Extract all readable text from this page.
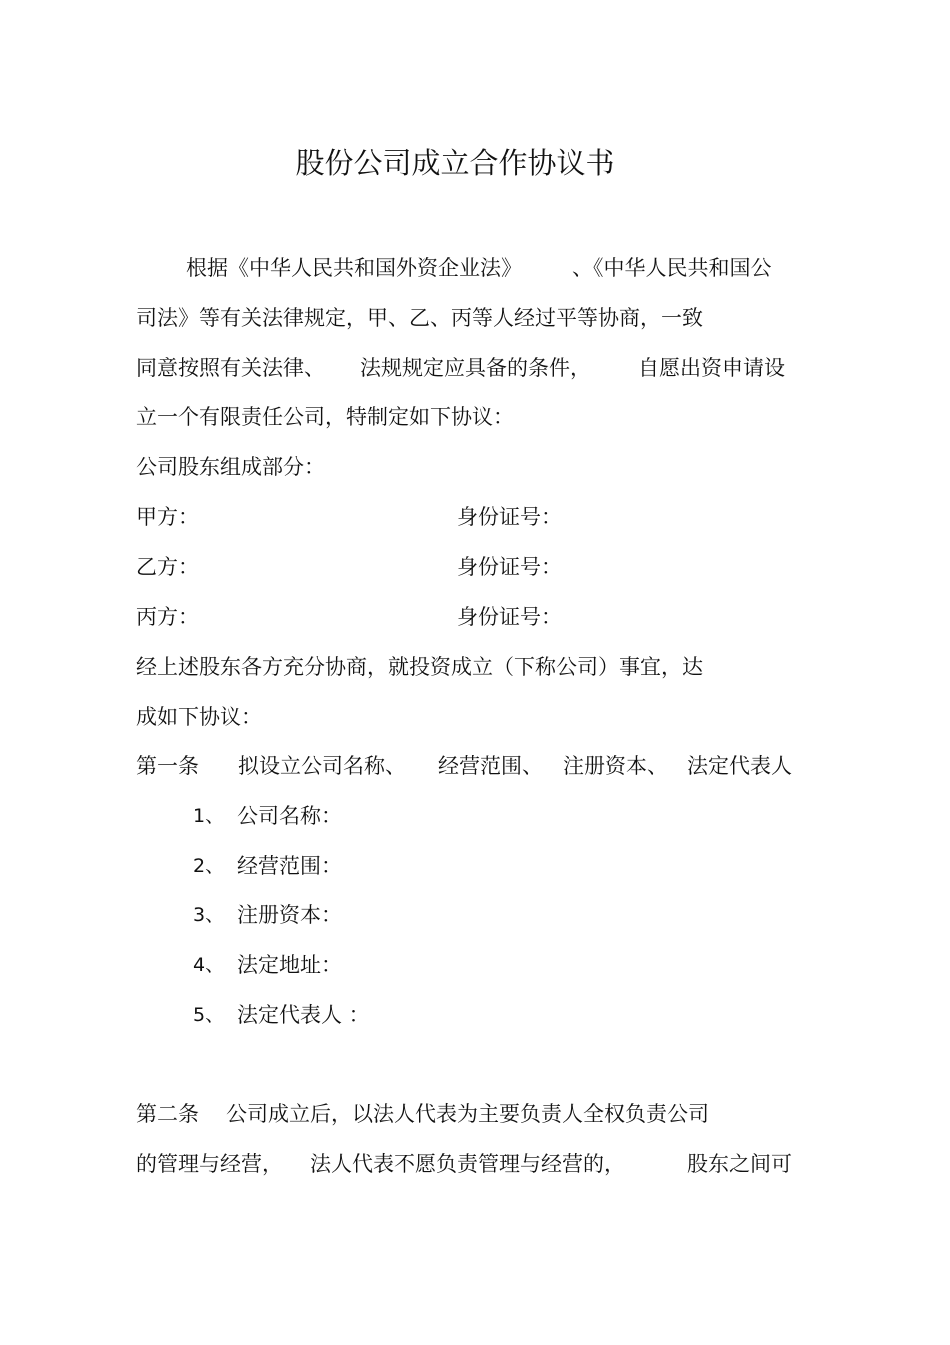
股份公司成立合作协议书
根据《中华人民共和国外资企业法》 、《中华人民共和国公
司法》等有关法律规定，甲、乙、丙等人经过平等协商，一致
同意按照有关法律、 法规规定应具备的条件， 自愿出资申请设
立一个有限责任公司，特制定如下协议：
公司股东组成部分：
甲方：	身份证号：
乙方：	身份证号：
丙方：	身份证号：
经上述股东各方充分协商，就投资成立（下称公司）事宜，达
成如下协议：
第一条 拟设立公司名称、 经营范围、 注册资本、 法定代表人
1、 公司名称：
2、 经营范围：
3、 注册资本：
4、 法定地址：
5、 法定代表人 ：
第二条 公司成立后，以法人代表为主要负责人全权负责公司
的管理与经营， 法人代表不愿负责管理与经营的，	股东之间可
